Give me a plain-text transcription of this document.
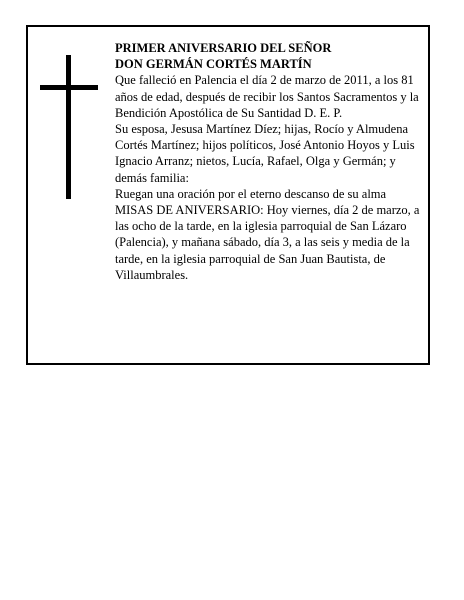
PRIMER ANIVERSARIO DEL SEÑOR

DON GERMÁN CORTÉS MARTÍN

Que falleció en Palencia el día 2 de marzo de 2011, a los 81 años de edad, después de recibir los Santos Sacramentos y la Bendición Apostólica de Su Santidad D. E. P.

Su esposa, Jesusa Martínez Díez; hijas, Rocío y Almudena Cortés Martínez; hijos políticos, José Antonio Hoyos y Luis Ignacio Arranz; nietos, Lucía, Rafael, Olga y Germán; y demás familia:

Ruegan una oración por el eterno descanso de su alma

MISAS DE ANIVERSARIO: Hoy viernes, día 2 de marzo, a las ocho de la tarde, en la iglesia parroquial de San Lázaro (Palencia), y mañana sábado, día 3, a las seis y media de la tarde, en la iglesia parroquial de San Juan Bautista, de Villaumbrales.
